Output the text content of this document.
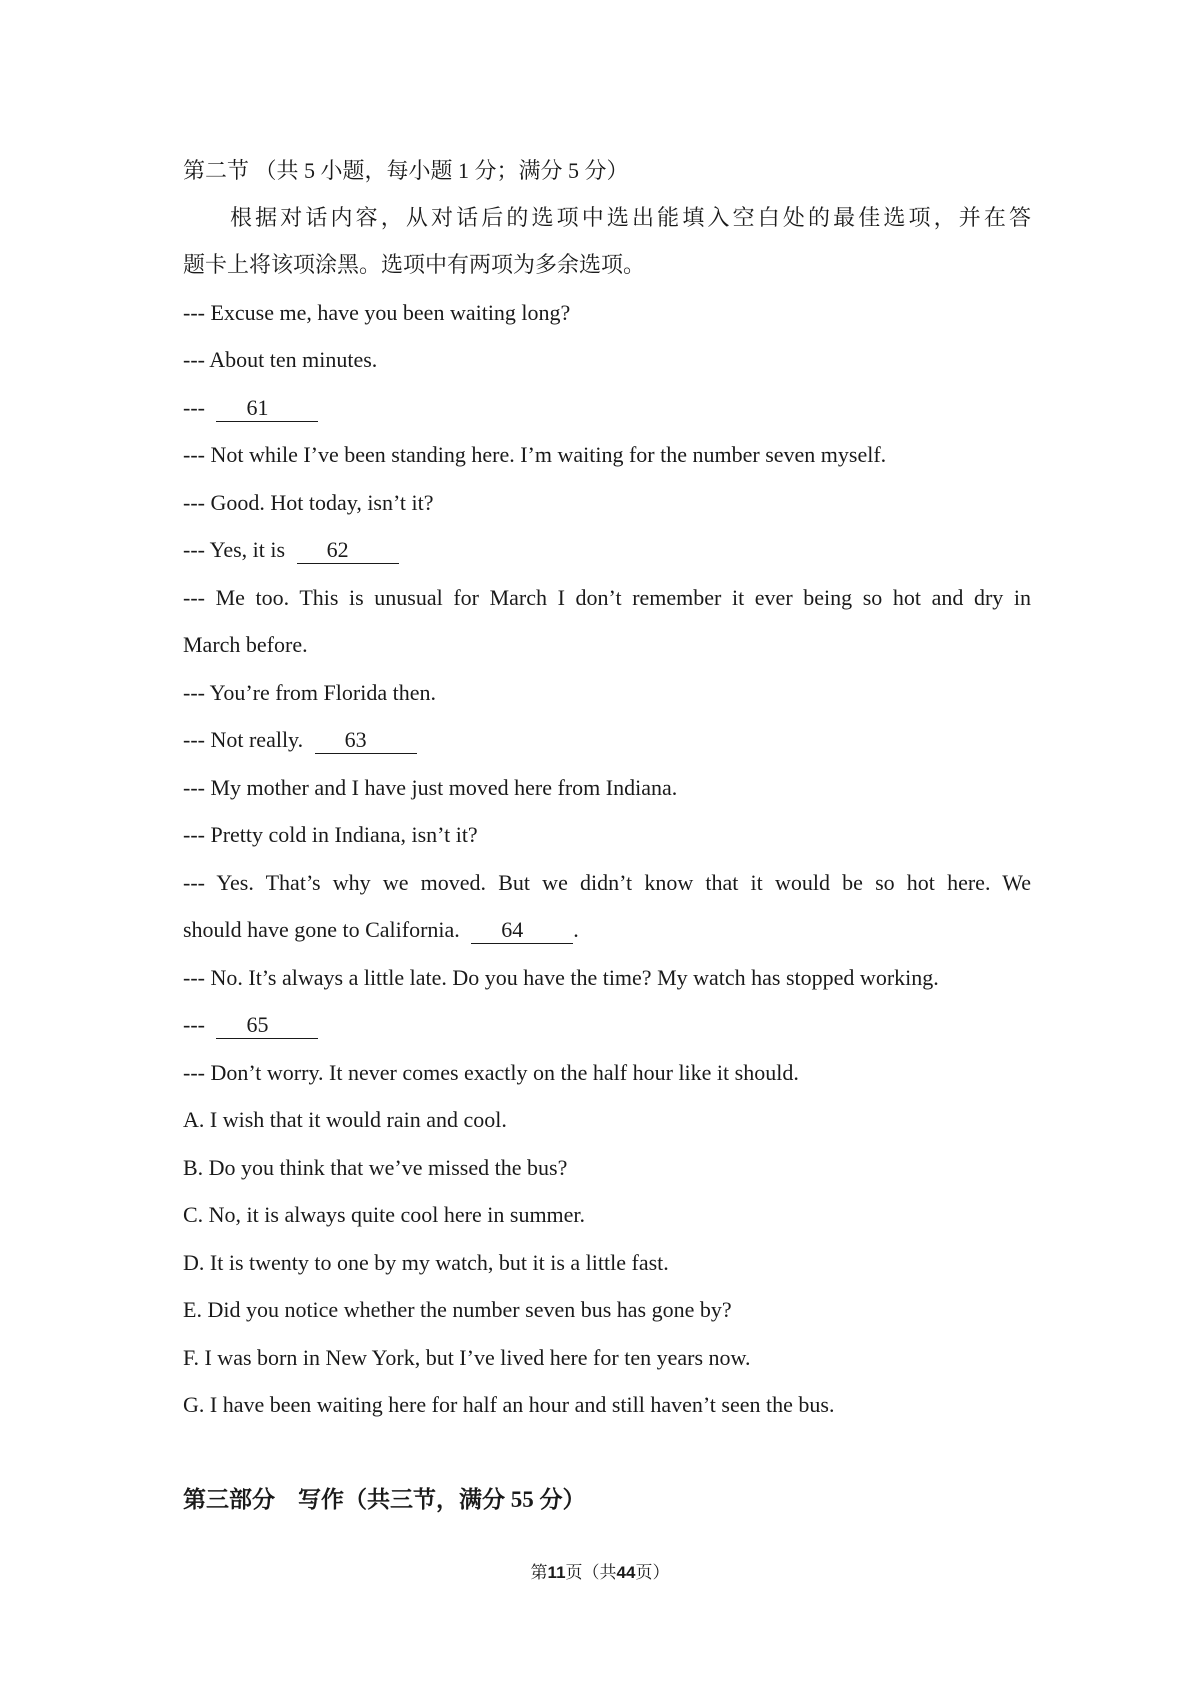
第二节 （共 5 小题，每小题 1 分；满分 5 分）
根据对话内容，从对话后的选项中选出能填入空白处的最佳选项，并在答
题卡上将该项涂黑。选项中有两项为多余选项。
--- Excuse me, have you been waiting long?
--- About ten minutes.
--- 61
--- Not while I’ve been standing here. I’m waiting for the number seven myself.
--- Good. Hot today, isn’t it?
--- Yes, it is 62
--- Me too. This is unusual for March I don’t remember it ever being so hot and dry in
March before.
--- You’re from Florida then.
--- Not really. 63
--- My mother and I have just moved here from Indiana.
--- Pretty cold in Indiana, isn’t it?
--- Yes. That’s why we moved. But we didn’t know that it would be so hot here. We
should have gone to California. 64 .
--- No. It’s always a little late. Do you have the time? My watch has stopped working.
--- 65
--- Don’t worry. It never comes exactly on the half hour like it should.
A. I wish that it would rain and cool.
B. Do you think that we’ve missed the bus?
C. No, it is always quite cool here in summer.
D. It is twenty to one by my watch, but it is a little fast.
E. Did you notice whether the number seven bus has gone by?
F. I was born in New York, but I’ve lived here for ten years now.
G. I have been waiting here for half an hour and still haven’t seen the bus.
第三部分　写作（共三节，满分 55 分）
第11页（共44页）
